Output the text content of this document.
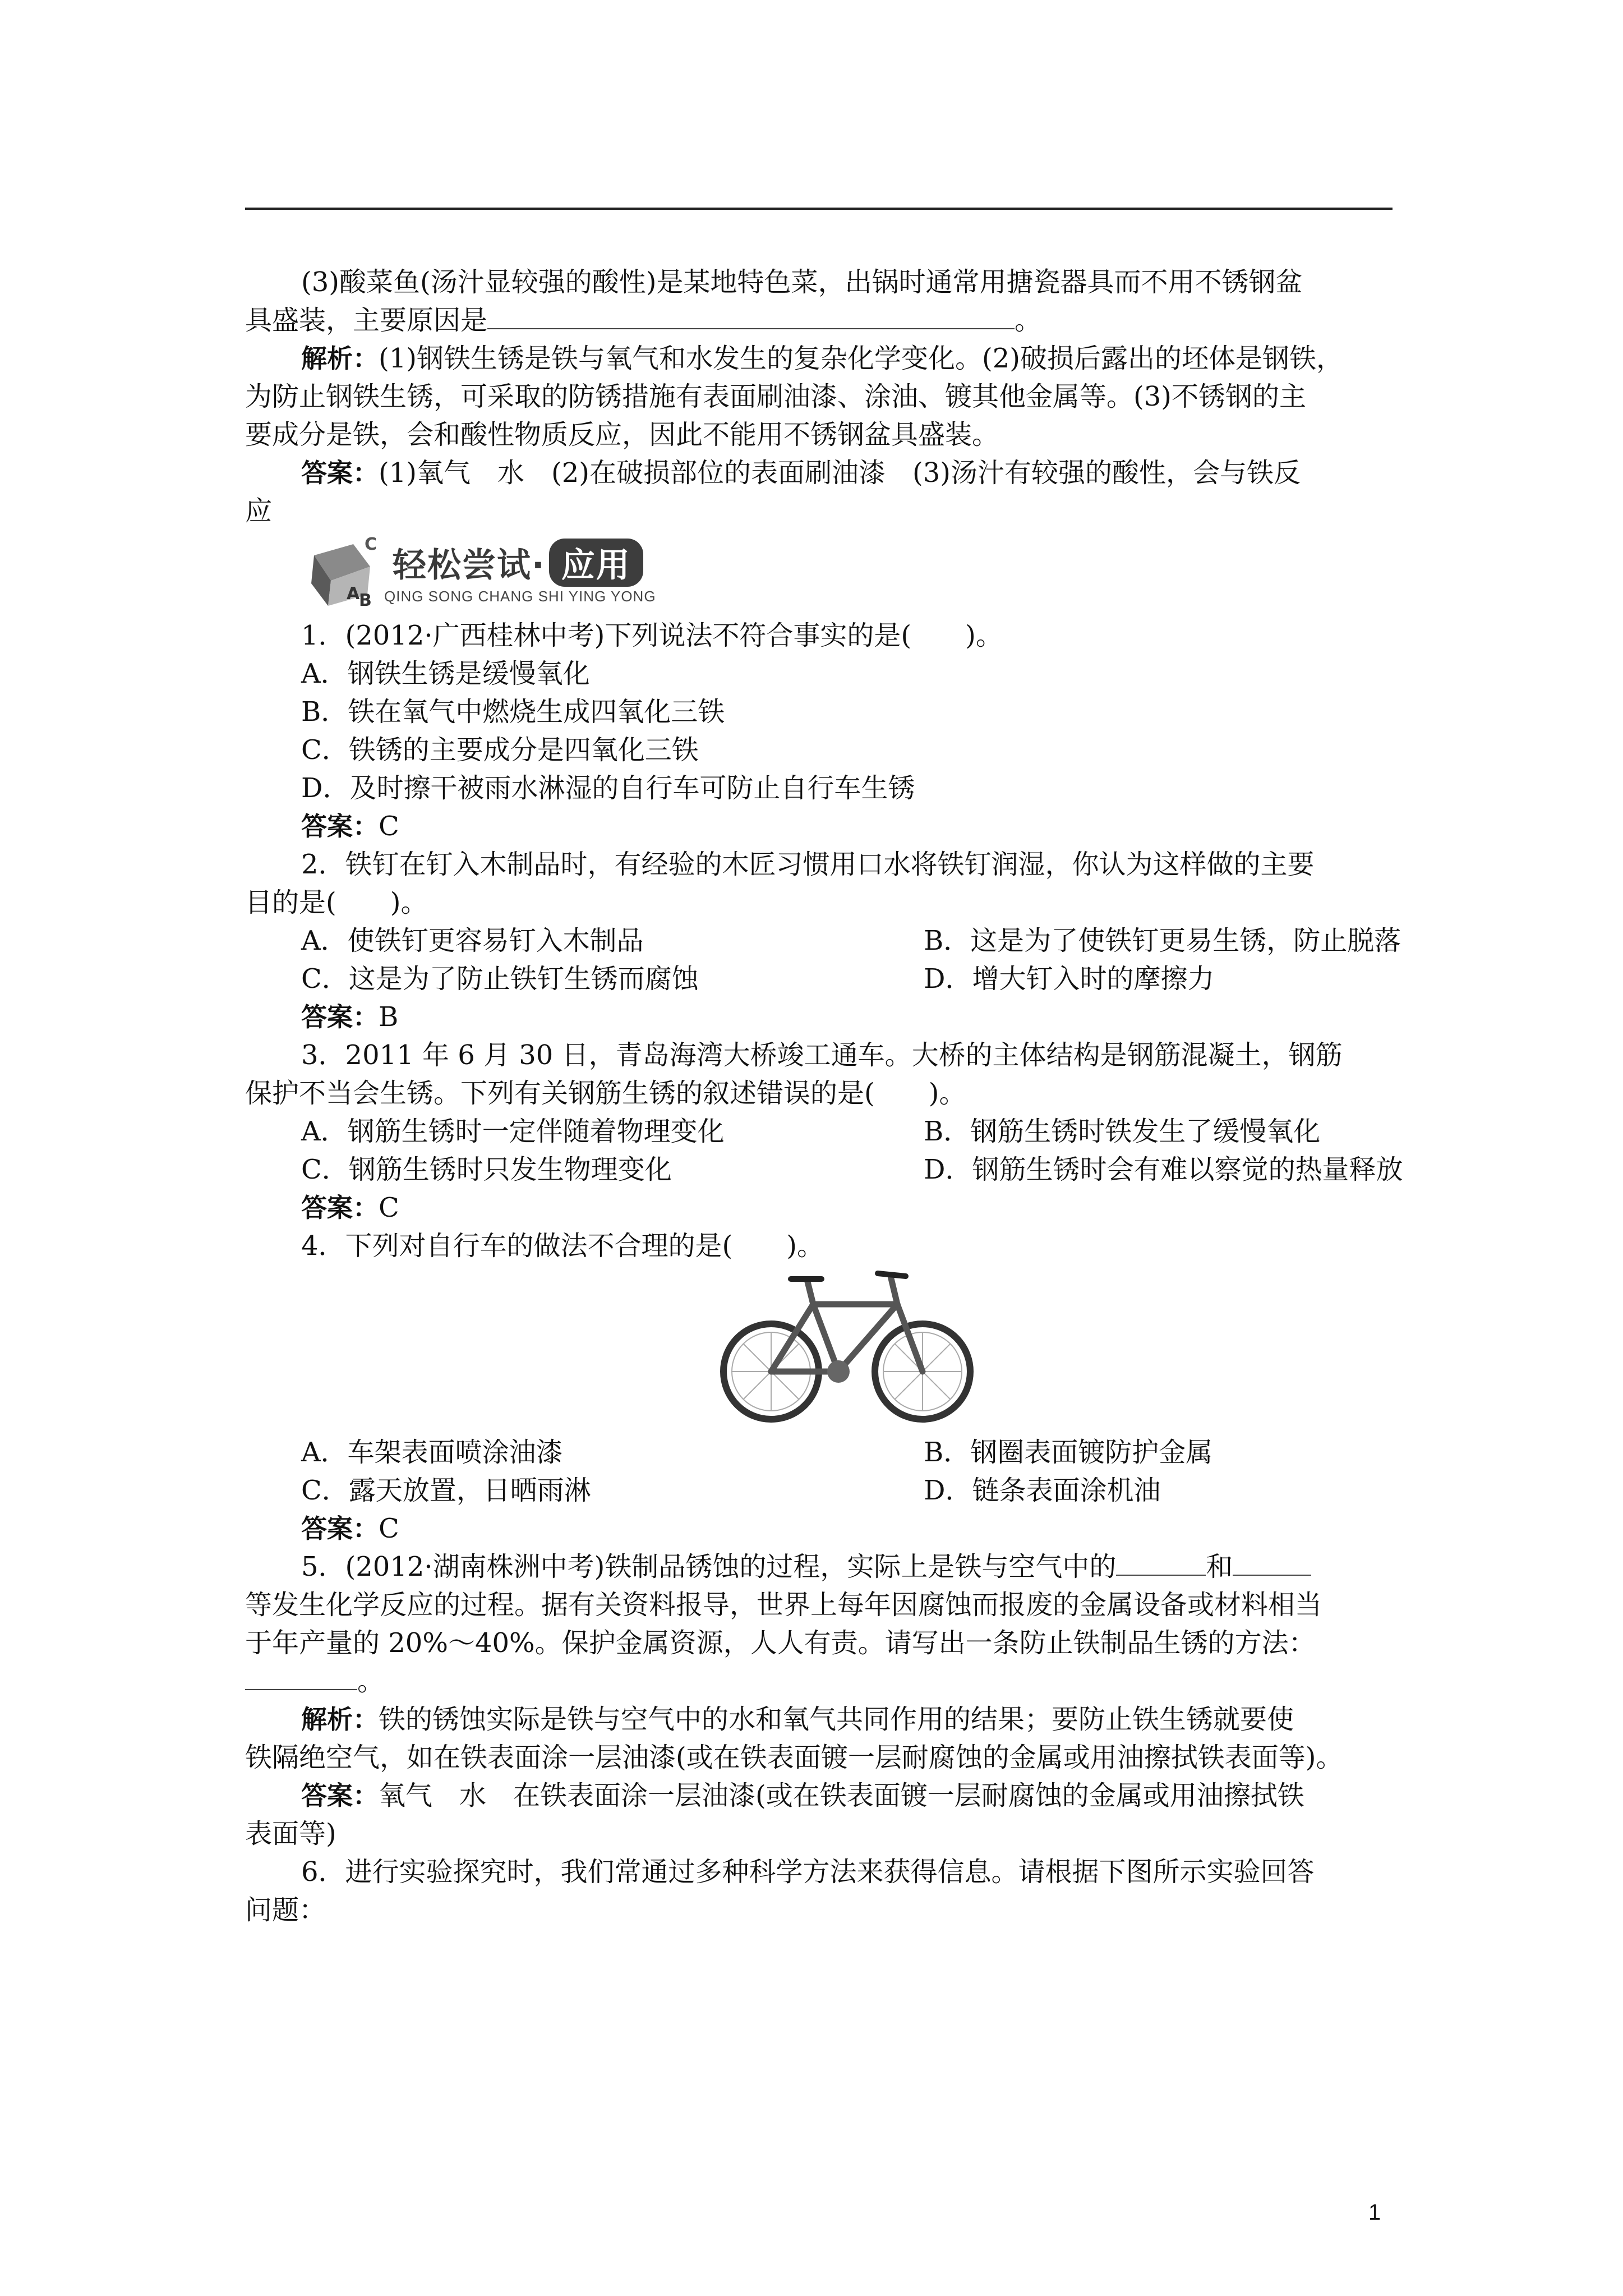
(3)酸菜鱼(汤汁显较强的酸性)是某地特色菜，出锅时通常用搪瓷器具而不用不锈钢盆
具盛装，主要原因是	。
解析：(1)钢铁生锈是铁与氧气和水发生的复杂化学变化。(2)破损后露出的坯体是钢铁，
为防止钢铁生锈，可采取的防锈措施有表面刷油漆、涂油、镀其他金属等。(3)不锈钢的主
要成分是铁，会和酸性物质反应，因此不能用不锈钢盆具盛装。
答案：(1)氧气　水　(2)在破损部位的表面刷油漆　(3)汤汁有较强的酸性，会与铁反
应
C
A
B
轻松尝试· 应用
QING SONG CHANG SHI YING YONG
1．(2012·广西桂林中考)下列说法不符合事实的是(　　)。
A．钢铁生锈是缓慢氧化
B．铁在氧气中燃烧生成四氧化三铁
C．铁锈的主要成分是四氧化三铁
D．及时擦干被雨水淋湿的自行车可防止自行车生锈
答案：C
2．铁钉在钉入木制品时，有经验的木匠习惯用口水将铁钉润湿，你认为这样做的主要
目的是(　　)。
A．使铁钉更容易钉入木制品	B．这是为了使铁钉更易生锈，防止脱落
C．这是为了防止铁钉生锈而腐蚀	D．增大钉入时的摩擦力
答案：B
3．2011 年 6 月 30 日，青岛海湾大桥竣工通车。大桥的主体结构是钢筋混凝土，钢筋
保护不当会生锈。下列有关钢筋生锈的叙述错误的是(　　)。
A．钢筋生锈时一定伴随着物理变化	B．钢筋生锈时铁发生了缓慢氧化
C．钢筋生锈时只发生物理变化	D．钢筋生锈时会有难以察觉的热量释放
答案：C
4．下列对自行车的做法不合理的是(　　)。
A．车架表面喷涂油漆	B．钢圈表面镀防护金属
C．露天放置，日晒雨淋	D．链条表面涂机油
答案：C
5．(2012·湖南株洲中考)铁制品锈蚀的过程，实际上是铁与空气中的	和
等发生化学反应的过程。据有关资料报导，世界上每年因腐蚀而报废的金属设备或材料相当
于年产量的 20%～40%。保护金属资源，人人有责。请写出一条防止铁制品生锈的方法：
。
解析：铁的锈蚀实际是铁与空气中的水和氧气共同作用的结果；要防止铁生锈就要使
铁隔绝空气，如在铁表面涂一层油漆(或在铁表面镀一层耐腐蚀的金属或用油擦拭铁表面等)。
答案：氧气　水　在铁表面涂一层油漆(或在铁表面镀一层耐腐蚀的金属或用油擦拭铁
表面等)
6．进行实验探究时，我们常通过多种科学方法来获得信息。请根据下图所示实验回答
问题：
1
